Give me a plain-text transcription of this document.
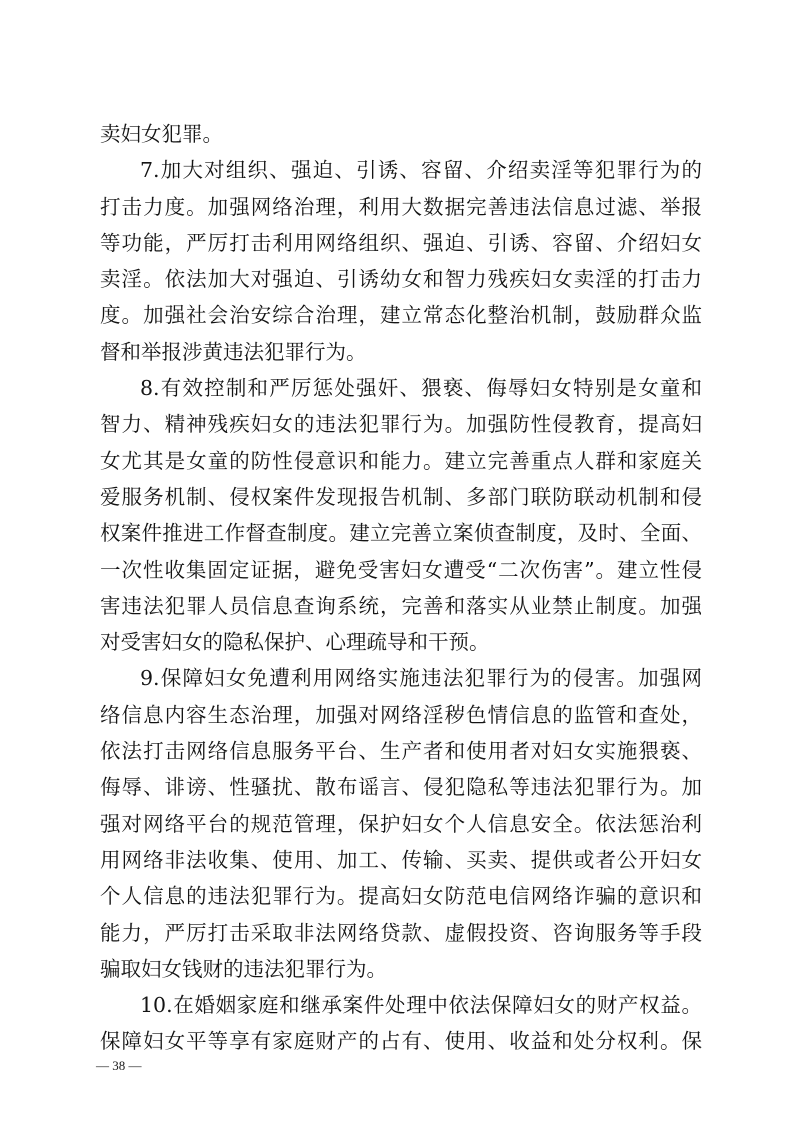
卖妇女犯罪。
7.加大对组织、强迫、引诱、容留、介绍卖淫等犯罪行为的
打击力度。加强网络治理，利用大数据完善违法信息过滤、举报
等功能，严厉打击利用网络组织、强迫、引诱、容留、介绍妇女
卖淫。依法加大对强迫、引诱幼女和智力残疾妇女卖淫的打击力
度。加强社会治安综合治理，建立常态化整治机制，鼓励群众监
督和举报涉黄违法犯罪行为。
8.有效控制和严厉惩处强奸、猥亵、侮辱妇女特别是女童和
智力、精神残疾妇女的违法犯罪行为。加强防性侵教育，提高妇
女尤其是女童的防性侵意识和能力。建立完善重点人群和家庭关
爱服务机制、侵权案件发现报告机制、多部门联防联动机制和侵
权案件推进工作督查制度。建立完善立案侦查制度，及时、全面、
一次性收集固定证据，避免受害妇女遭受“二次伤害”。建立性侵
害违法犯罪人员信息查询系统，完善和落实从业禁止制度。加强
对受害妇女的隐私保护、心理疏导和干预。
9.保障妇女免遭利用网络实施违法犯罪行为的侵害。加强网
络信息内容生态治理，加强对网络淫秽色情信息的监管和查处，
依法打击网络信息服务平台、生产者和使用者对妇女实施猥亵、
侮辱、诽谤、性骚扰、散布谣言、侵犯隐私等违法犯罪行为。加
强对网络平台的规范管理，保护妇女个人信息安全。依法惩治利
用网络非法收集、使用、加工、传输、买卖、提供或者公开妇女
个人信息的违法犯罪行为。提高妇女防范电信网络诈骗的意识和
能力，严厉打击采取非法网络贷款、虚假投资、咨询服务等手段
骗取妇女钱财的违法犯罪行为。
10.在婚姻家庭和继承案件处理中依法保障妇女的财产权益。
保障妇女平等享有家庭财产的占有、使用、收益和处分权利。保
— 38 —
